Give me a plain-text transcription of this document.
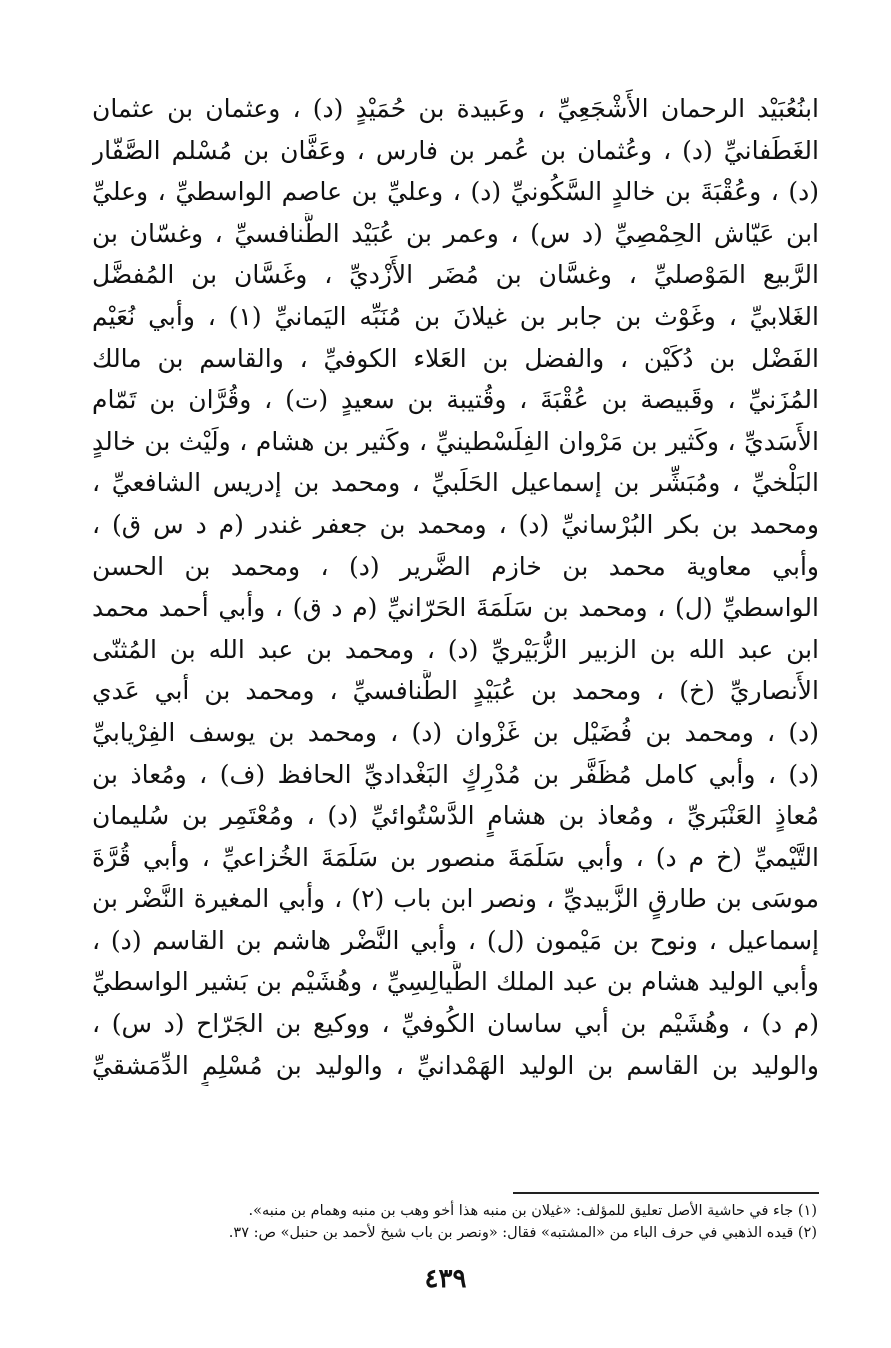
ابنُعُبَيْد الرحمان الأَشْجَعِيِّ ، وعَبيدة بن حُمَيْدٍ (د) ، وعثمان بن عثمان
الغَطَفانيِّ (د) ، وعُثمان بن عُمر بن فارس ، وعَفَّان بن مُسْلم الصَّفّار
(د) ، وعُقْبَةَ بن خالدٍ السَّكُونيِّ (د) ، وعليِّ بن عاصم الواسطيِّ ، وعليِّ
ابن عَيّاش الحِمْصِيِّ (د س) ، وعمر بن عُبَيْد الطَّنافسيِّ ، وغسّان بن
الرَّبيع المَوْصليِّ ، وغسَّان بن مُضَر الأَزْديِّ ، وغَسَّان بن المُفضَّل
الغَلابيِّ ، وغَوْث بن جابر بن غيلانَ بن مُنَبِّه اليَمانيِّ (١) ، وأبي نُعَيْم
الفَضْل بن دُكَيْن ، والفضل بن العَلاء الكوفيِّ ، والقاسم بن مالك
المُزَنيِّ ، وقَبيصة بن عُقْبَةَ ، وقُتيبة بن سعيدٍ (ت) ، وقُرَّان بن تَمّام
الأَسَديِّ ، وكَثير بن مَرْوان الفِلَسْطينيِّ ، وكَثير بن هشام ، ولَيْث بن خالدٍ
البَلْخيِّ ، ومُبَشِّر بن إسماعيل الحَلَبيِّ ، ومحمد بن إدريس الشافعيِّ ،
ومحمد بن بكر البُرْسانيِّ (د) ، ومحمد بن جعفر غندر (م د س ق) ،
وأبي معاوية محمد بن خازم الضَّرير (د) ، ومحمد بن الحسن
الواسطيِّ (ل) ، ومحمد بن سَلَمَةَ الحَرّانيِّ (م د ق) ، وأبي أحمد محمد
ابن عبد الله بن الزبير الزُّبَيْريِّ (د) ، ومحمد بن عبد الله بن المُثنّى
الأَنصاريِّ (خ) ، ومحمد بن عُبَيْدٍ الطَّنافسيِّ ، ومحمد بن أبي عَدي
(د) ، ومحمد بن فُضَيْل بن غَزْوان (د) ، ومحمد بن يوسف الفِرْيابيِّ
(د) ، وأبي كامل مُظَفَّر بن مُدْرِكٍ البَغْداديِّ الحافظ (ف) ، ومُعاذ بن
مُعاذٍ العَنْبَريِّ ، ومُعاذ بن هشامٍ الدَّسْتُوائيِّ (د) ، ومُعْتَمِر بن سُليمان
التَّيْميِّ (خ م د) ، وأبي سَلَمَةَ منصور بن سَلَمَةَ الخُزاعيِّ ، وأبي قُرَّةَ
موسَى بن طارقٍ الزَّبيديِّ ، ونصر ابن باب (٢) ، وأبي المغيرة النَّضْر بن
إسماعيل ، ونوح بن مَيْمون (ل) ، وأبي النَّضْر هاشم بن القاسم (د) ،
وأبي الوليد هشام بن عبد الملك الطَّيالِسِيِّ ، وهُشَيْم بن بَشير الواسطيِّ
(م د) ، وهُشَيْم بن أبي ساسان الكُوفيِّ ، ووكيع بن الجَرّاح (د س) ،
والوليد بن القاسم بن الوليد الهَمْدانيِّ ، والوليد بن مُسْلِمٍ الدِّمَشقيِّ
(١) جاء في حاشية الأصل تعليق للمؤلف: «غيلان بن منبه هذا أخو وهب بن منبه وهمام بن منبه».
(٢) قيده الذهبي في حرف الباء من «المشتبه» فقال: «ونصر بن باب شيخ لأحمد بن حنبل» ص: ٣٧.
٤٣٩
